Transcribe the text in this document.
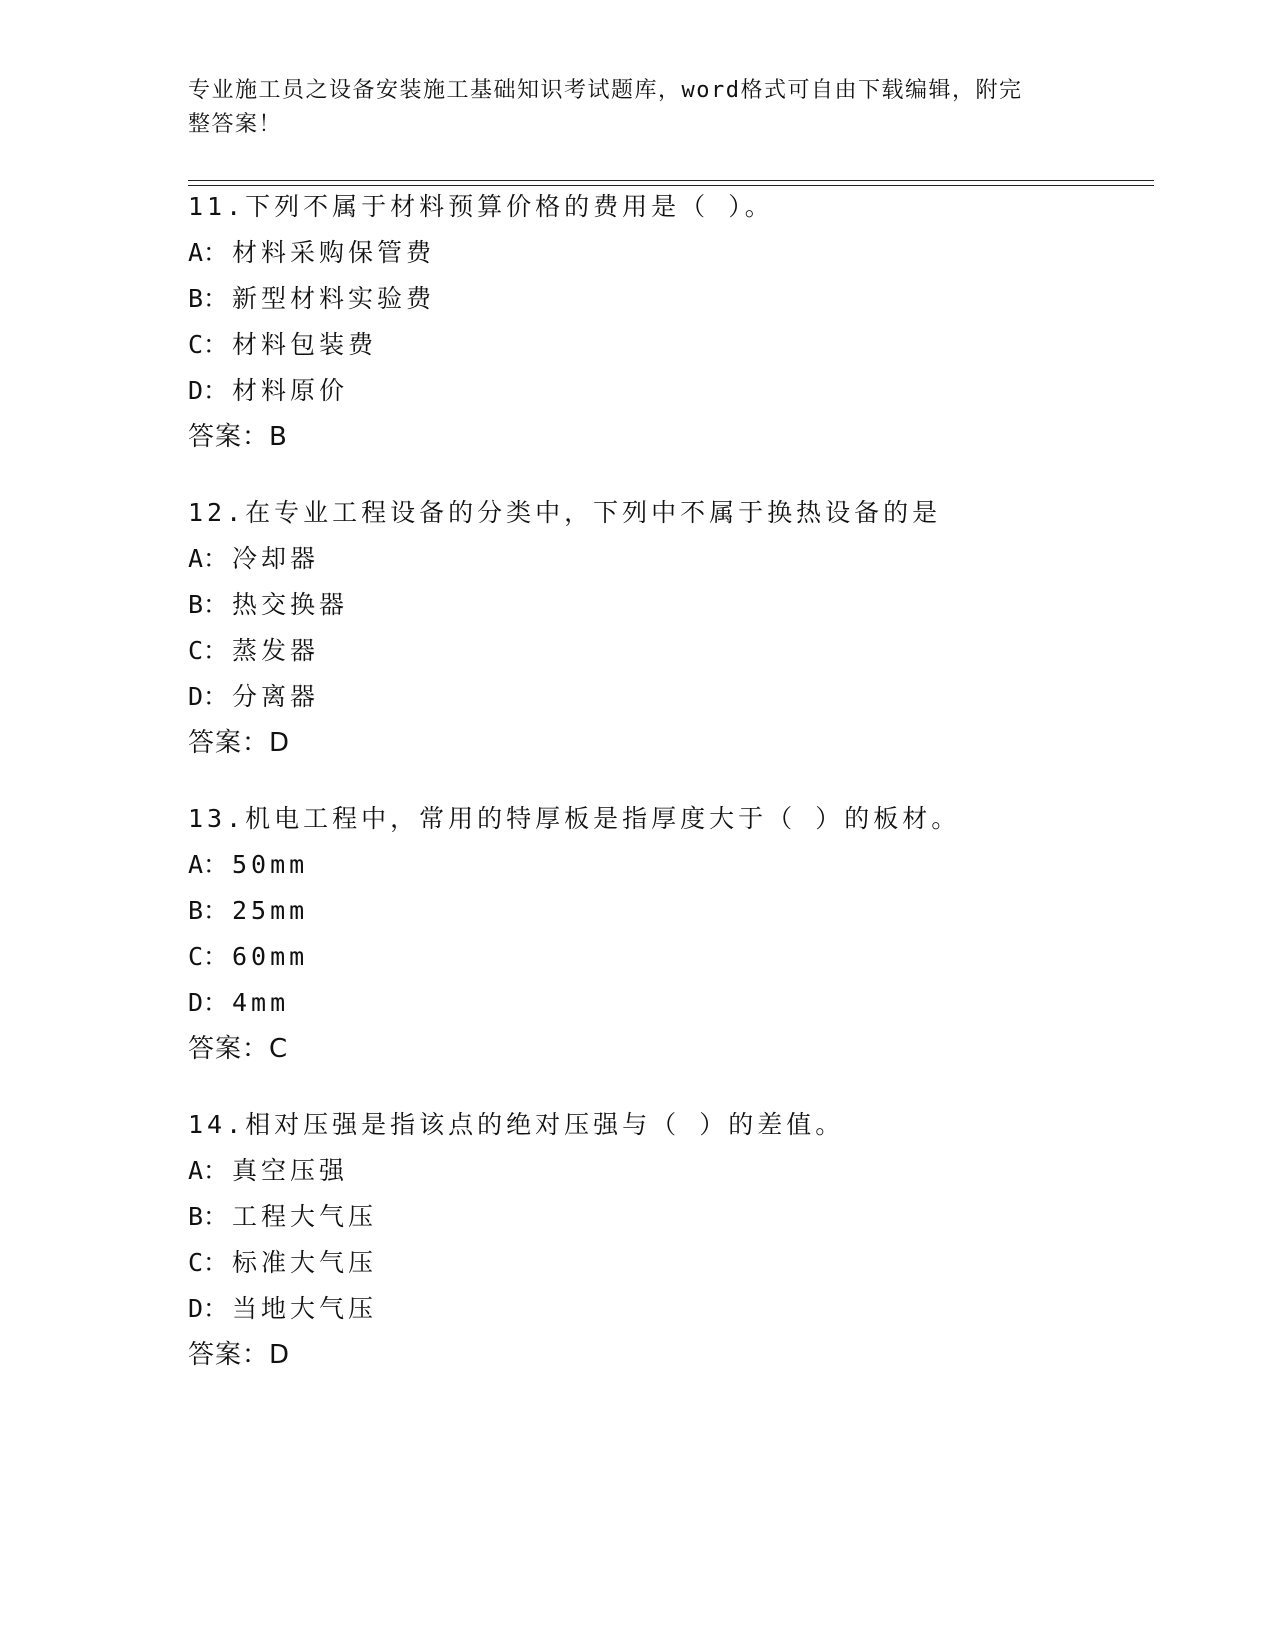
专业施工员之设备安装施工基础知识考试题库，word格式可自由下载编辑，附完
整答案！
11.下列不属于材料预算价格的费用是（ ）。
A： 材料采购保管费
B： 新型材料实验费
C： 材料包装费
D： 材料原价
答案：B
12.在专业工程设备的分类中，下列中不属于换热设备的是
A： 冷却器
B： 热交换器
C： 蒸发器
D： 分离器
答案：D
13.机电工程中，常用的特厚板是指厚度大于（ ）的板材。
A： 50mm
B： 25mm
C： 60mm
D： 4mm
答案：C
14.相对压强是指该点的绝对压强与（ ）的差值。
A： 真空压强
B： 工程大气压
C： 标准大气压
D： 当地大气压
答案：D
